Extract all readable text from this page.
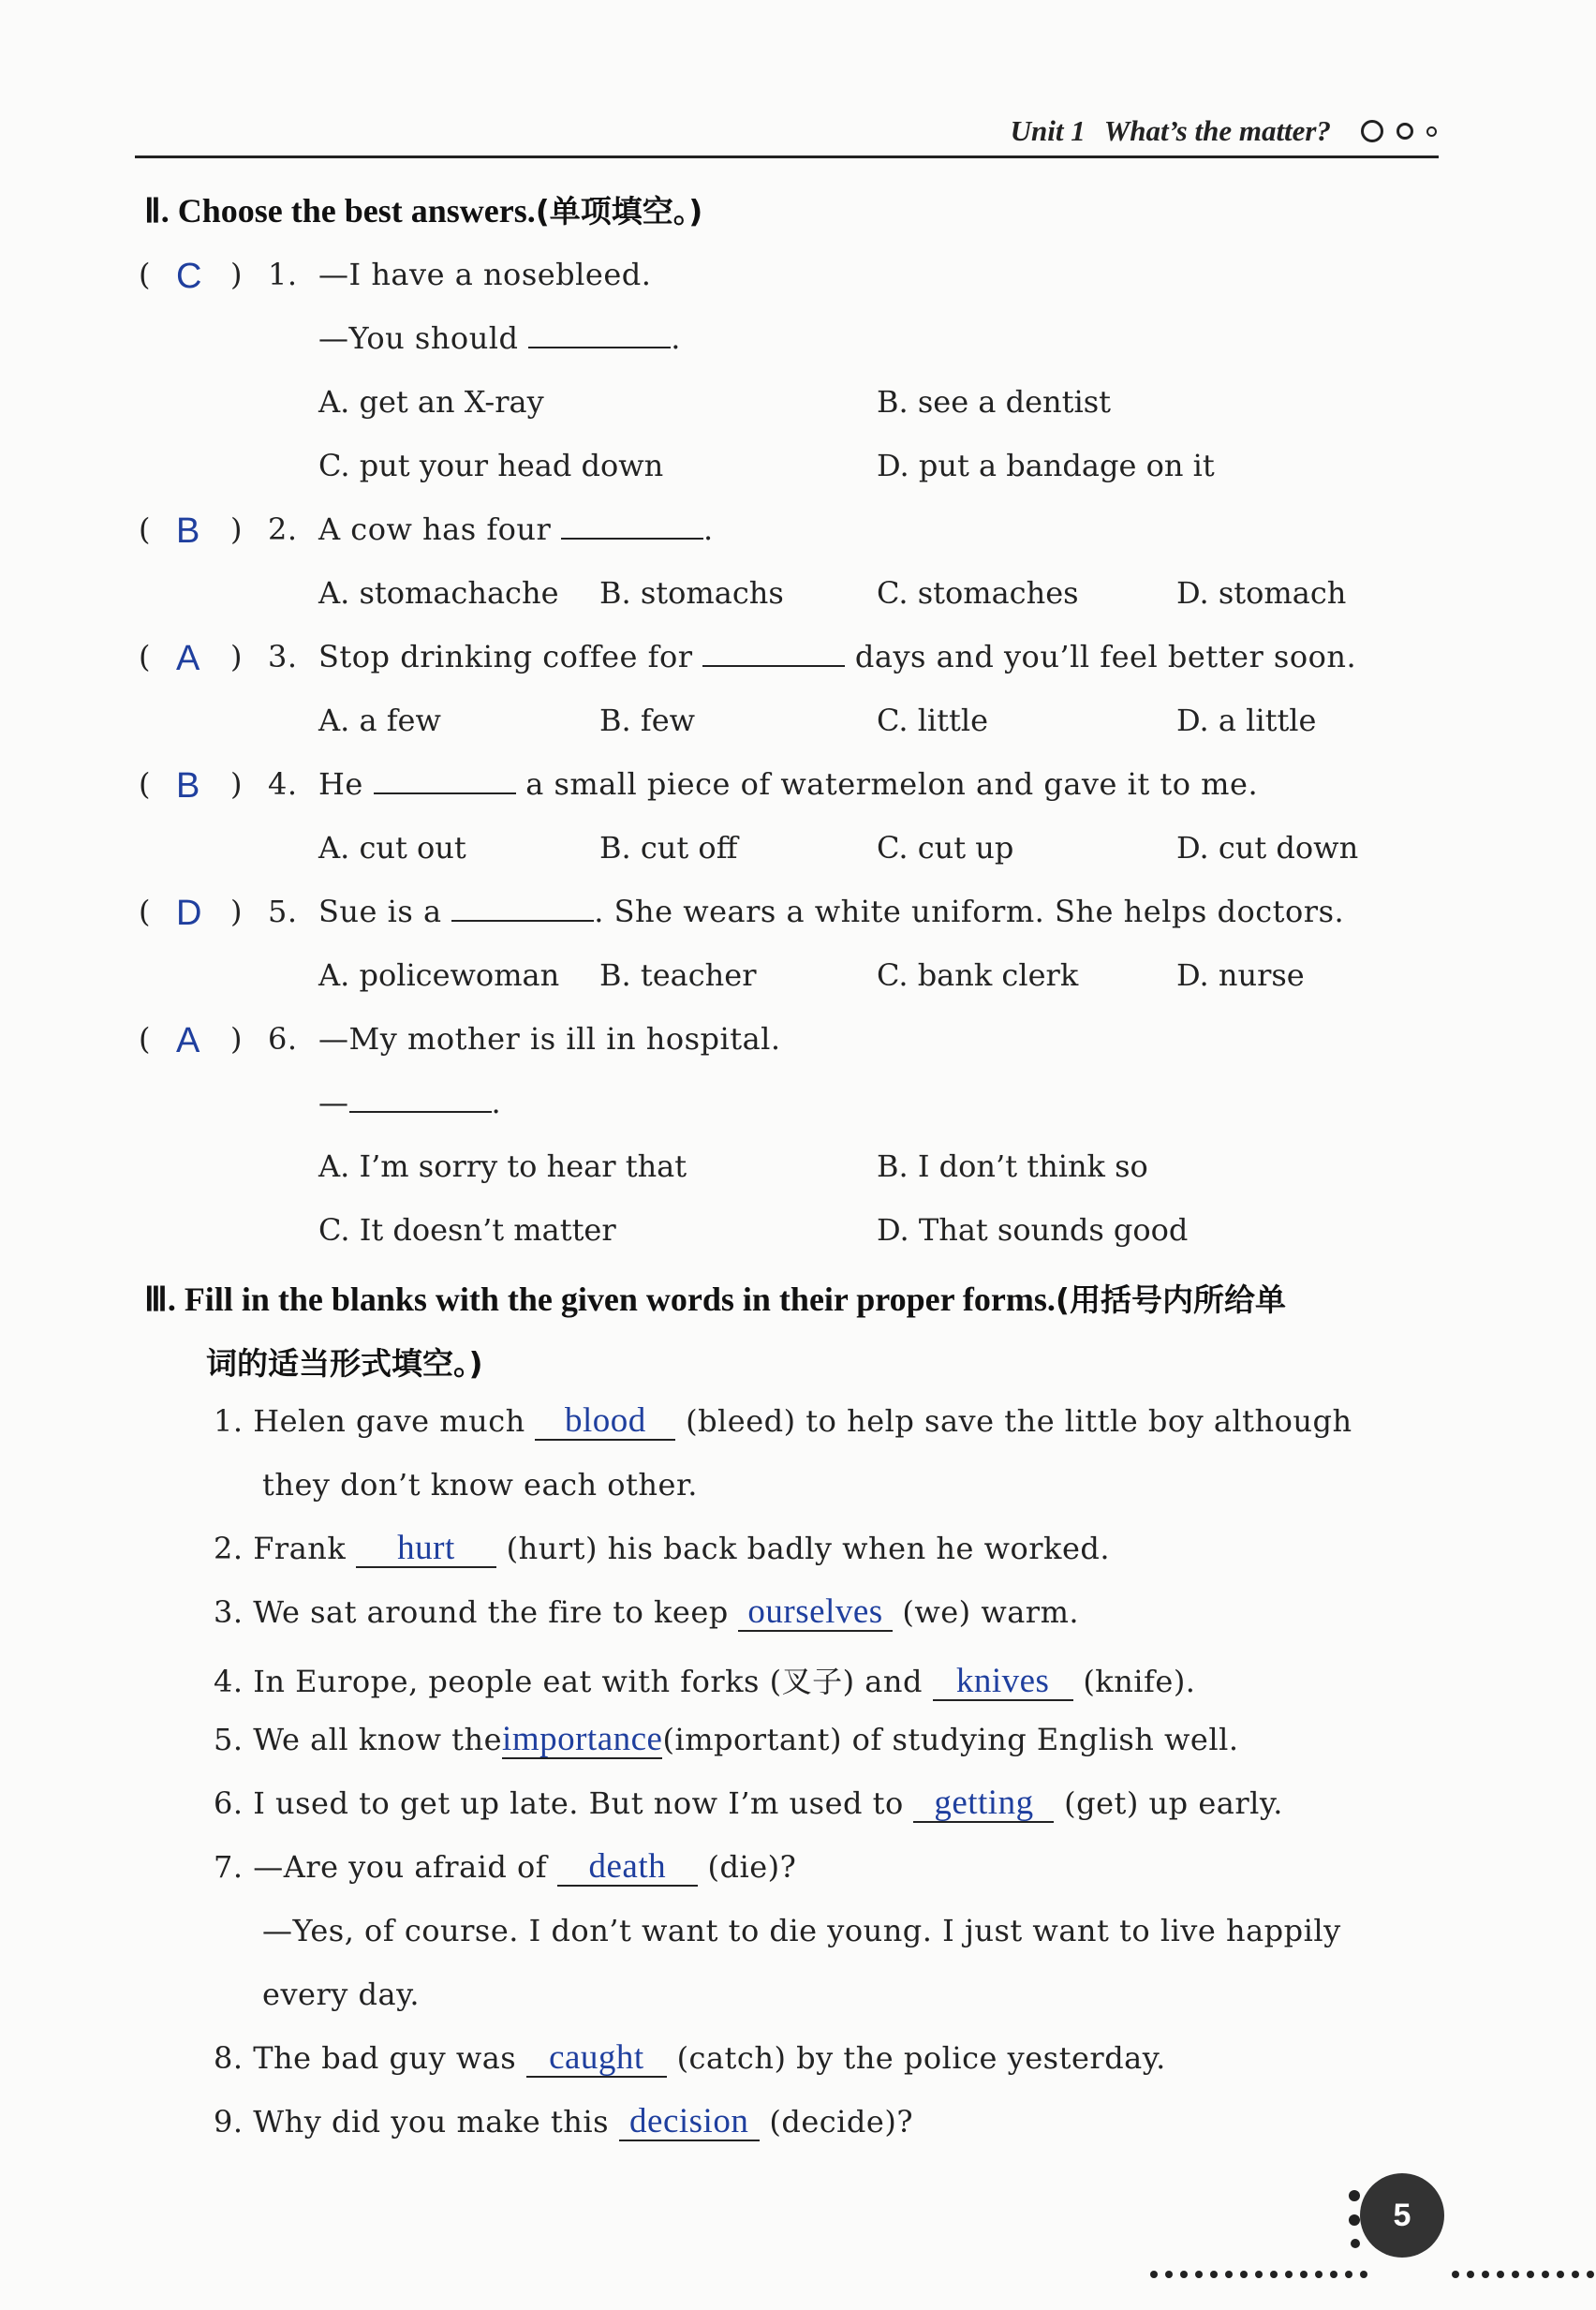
Unit 1 What’s the matter?
Ⅱ. Choose the best answers.(单项填空。)
( C ) 1. —I have a nosebleed.
—You should	.
A. get an X-ray	B. see a dentist
C. put your head down	D. put a bandage on it
( B ) 2. A cow has four	.
A. stomachache B. stomachs	C. stomaches	D. stomach
( A ) 3. Stop drinking coffee for	days and you’ll feel better soon.
A. a few	B. few	C. little	D. a little
( B ) 4. He	a small piece of watermelon and gave it to me.
A. cut out	B. cut off	C. cut up	D. cut down
( D ) 5. Sue is a	. She wears a white uniform. She helps doctors.
A. policewoman B. teacher	C. bank clerk	D. nurse
( A ) 6. —My mother is ill in hospital.
—	.
A. I’m sorry to hear that	B. I don’t think so
C. It doesn’t matter	D. That sounds good
Ⅲ. Fill in the blanks with the given words in their proper forms.(用括号内所给单
词的适当形式填空。)
1. Helen gave much blood (bleed) to help save the little boy although
they don’t know each other.
2. Frank hurt (hurt) his back badly when he worked.
3. We sat around the fire to keep ourselves (we) warm.
4. In Europe, people eat with forks (叉子) and knives (knife).
5. We all know theimportance(important) of studying English well.
6. I used to get up late. But now I’m used to getting (get) up early.
7. —Are you afraid of death (die)?
—Yes, of course. I don’t want to die young. I just want to live happily
every day.
8. The bad guy was caught (catch) by the police yesterday.
9. Why did you make this decision (decide)?
5
